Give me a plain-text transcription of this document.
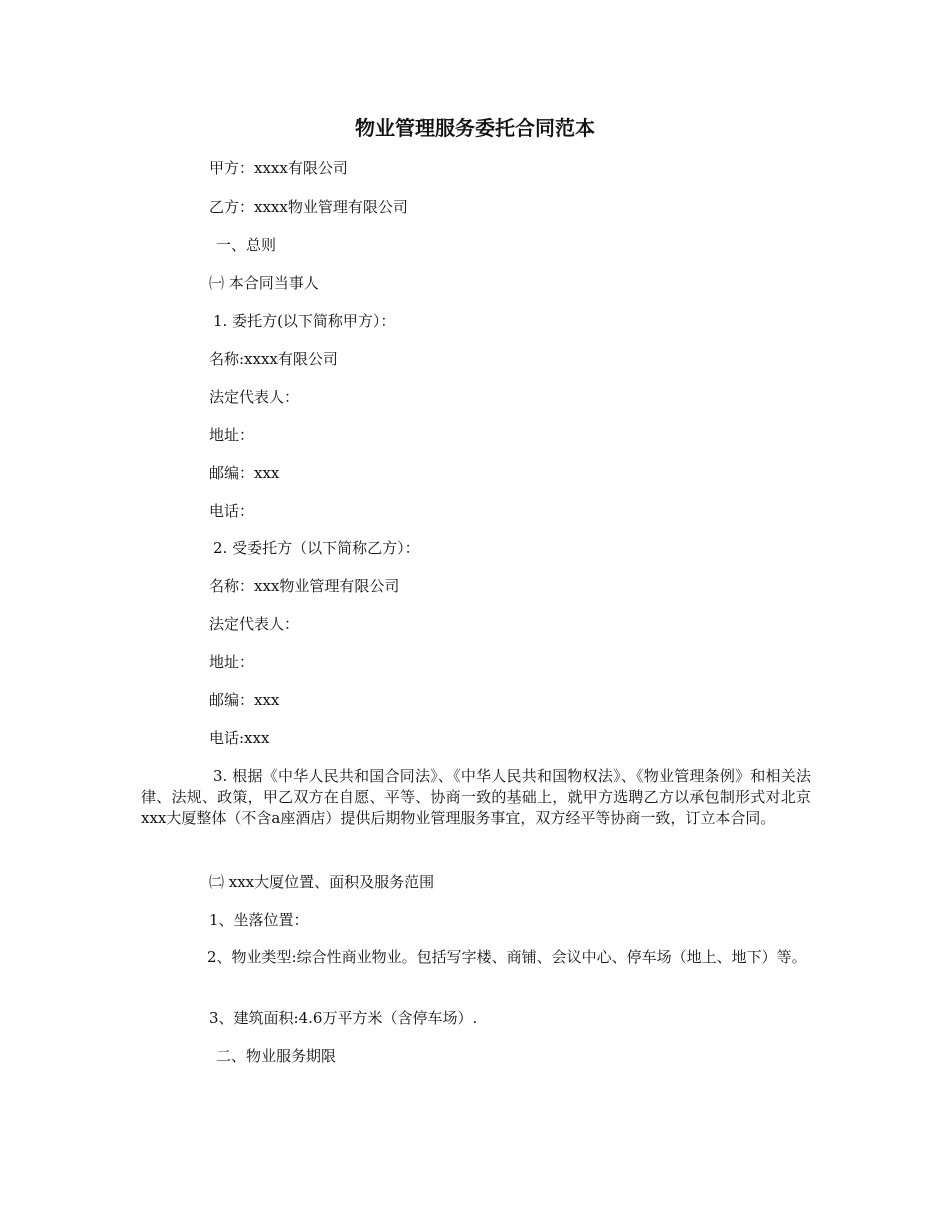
物业管理服务委托合同范本
甲方：xxxx有限公司
乙方：xxxx物业管理有限公司
一、总则
㈠ 本合同当事人
1. 委托方(以下简称甲方）：
名称:xxxx有限公司
法定代表人：
地址：
邮编：xxx
电话：
2. 受委托方（以下简称乙方）：
名称：xxx物业管理有限公司
法定代表人：
地址：
邮编：xxx
电话:xxx
3. 根据《中华人民共和国合同法》、《中华人民共和国物权法》、《物业管理条例》和相关法律、法规、政策，甲乙双方在自愿、平等、协商一致的基础上，就甲方选聘乙方以承包制形式对北京xxx大厦整体（不含a座酒店）提供后期物业管理服务事宜，双方经平等协商一致，订立本合同。
㈡ xxx大厦位置、面积及服务范围
1、坐落位置：
2、物业类型:综合性商业物业。包括写字楼、商铺、会议中心、停车场（地上、地下）等。
3、建筑面积:4.6万平方米（含停车场）.
二、物业服务期限
